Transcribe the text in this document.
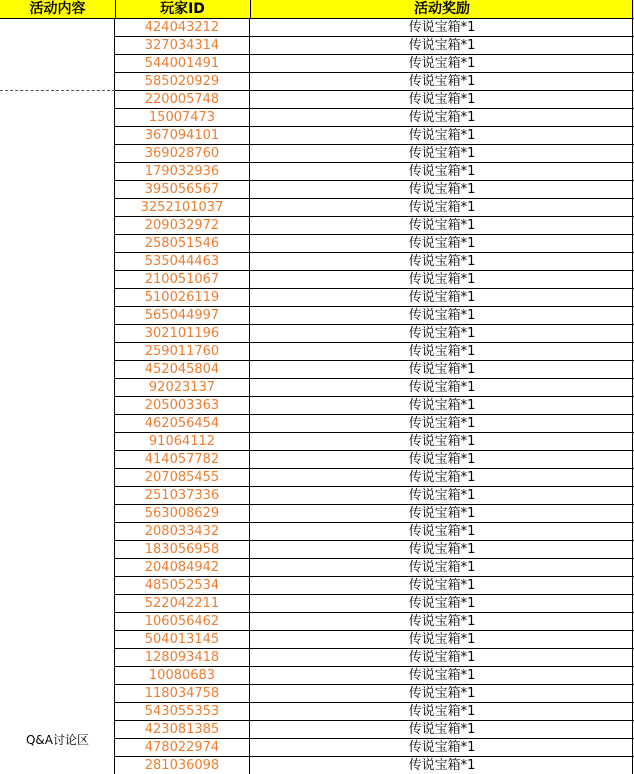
活动内容	玩家ID	活动奖励
Q&A讨论区
424043212	传说宝箱*1
327034314	传说宝箱*1
544001491	传说宝箱*1
585020929	传说宝箱*1
220005748	传说宝箱*1
15007473	传说宝箱*1
367094101	传说宝箱*1
369028760	传说宝箱*1
179032936	传说宝箱*1
395056567	传说宝箱*1
3252101037	传说宝箱*1
209032972	传说宝箱*1
258051546	传说宝箱*1
535044463	传说宝箱*1
210051067	传说宝箱*1
510026119	传说宝箱*1
565044997	传说宝箱*1
302101196	传说宝箱*1
259011760	传说宝箱*1
452045804	传说宝箱*1
92023137	传说宝箱*1
205003363	传说宝箱*1
462056454	传说宝箱*1
91064112	传说宝箱*1
414057782	传说宝箱*1
207085455	传说宝箱*1
251037336	传说宝箱*1
563008629	传说宝箱*1
208033432	传说宝箱*1
183056958	传说宝箱*1
204084942	传说宝箱*1
485052534	传说宝箱*1
522042211	传说宝箱*1
106056462	传说宝箱*1
504013145	传说宝箱*1
128093418	传说宝箱*1
10080683	传说宝箱*1
118034758	传说宝箱*1
543055353	传说宝箱*1
423081385	传说宝箱*1
478022974	传说宝箱*1
281036098	传说宝箱*1
